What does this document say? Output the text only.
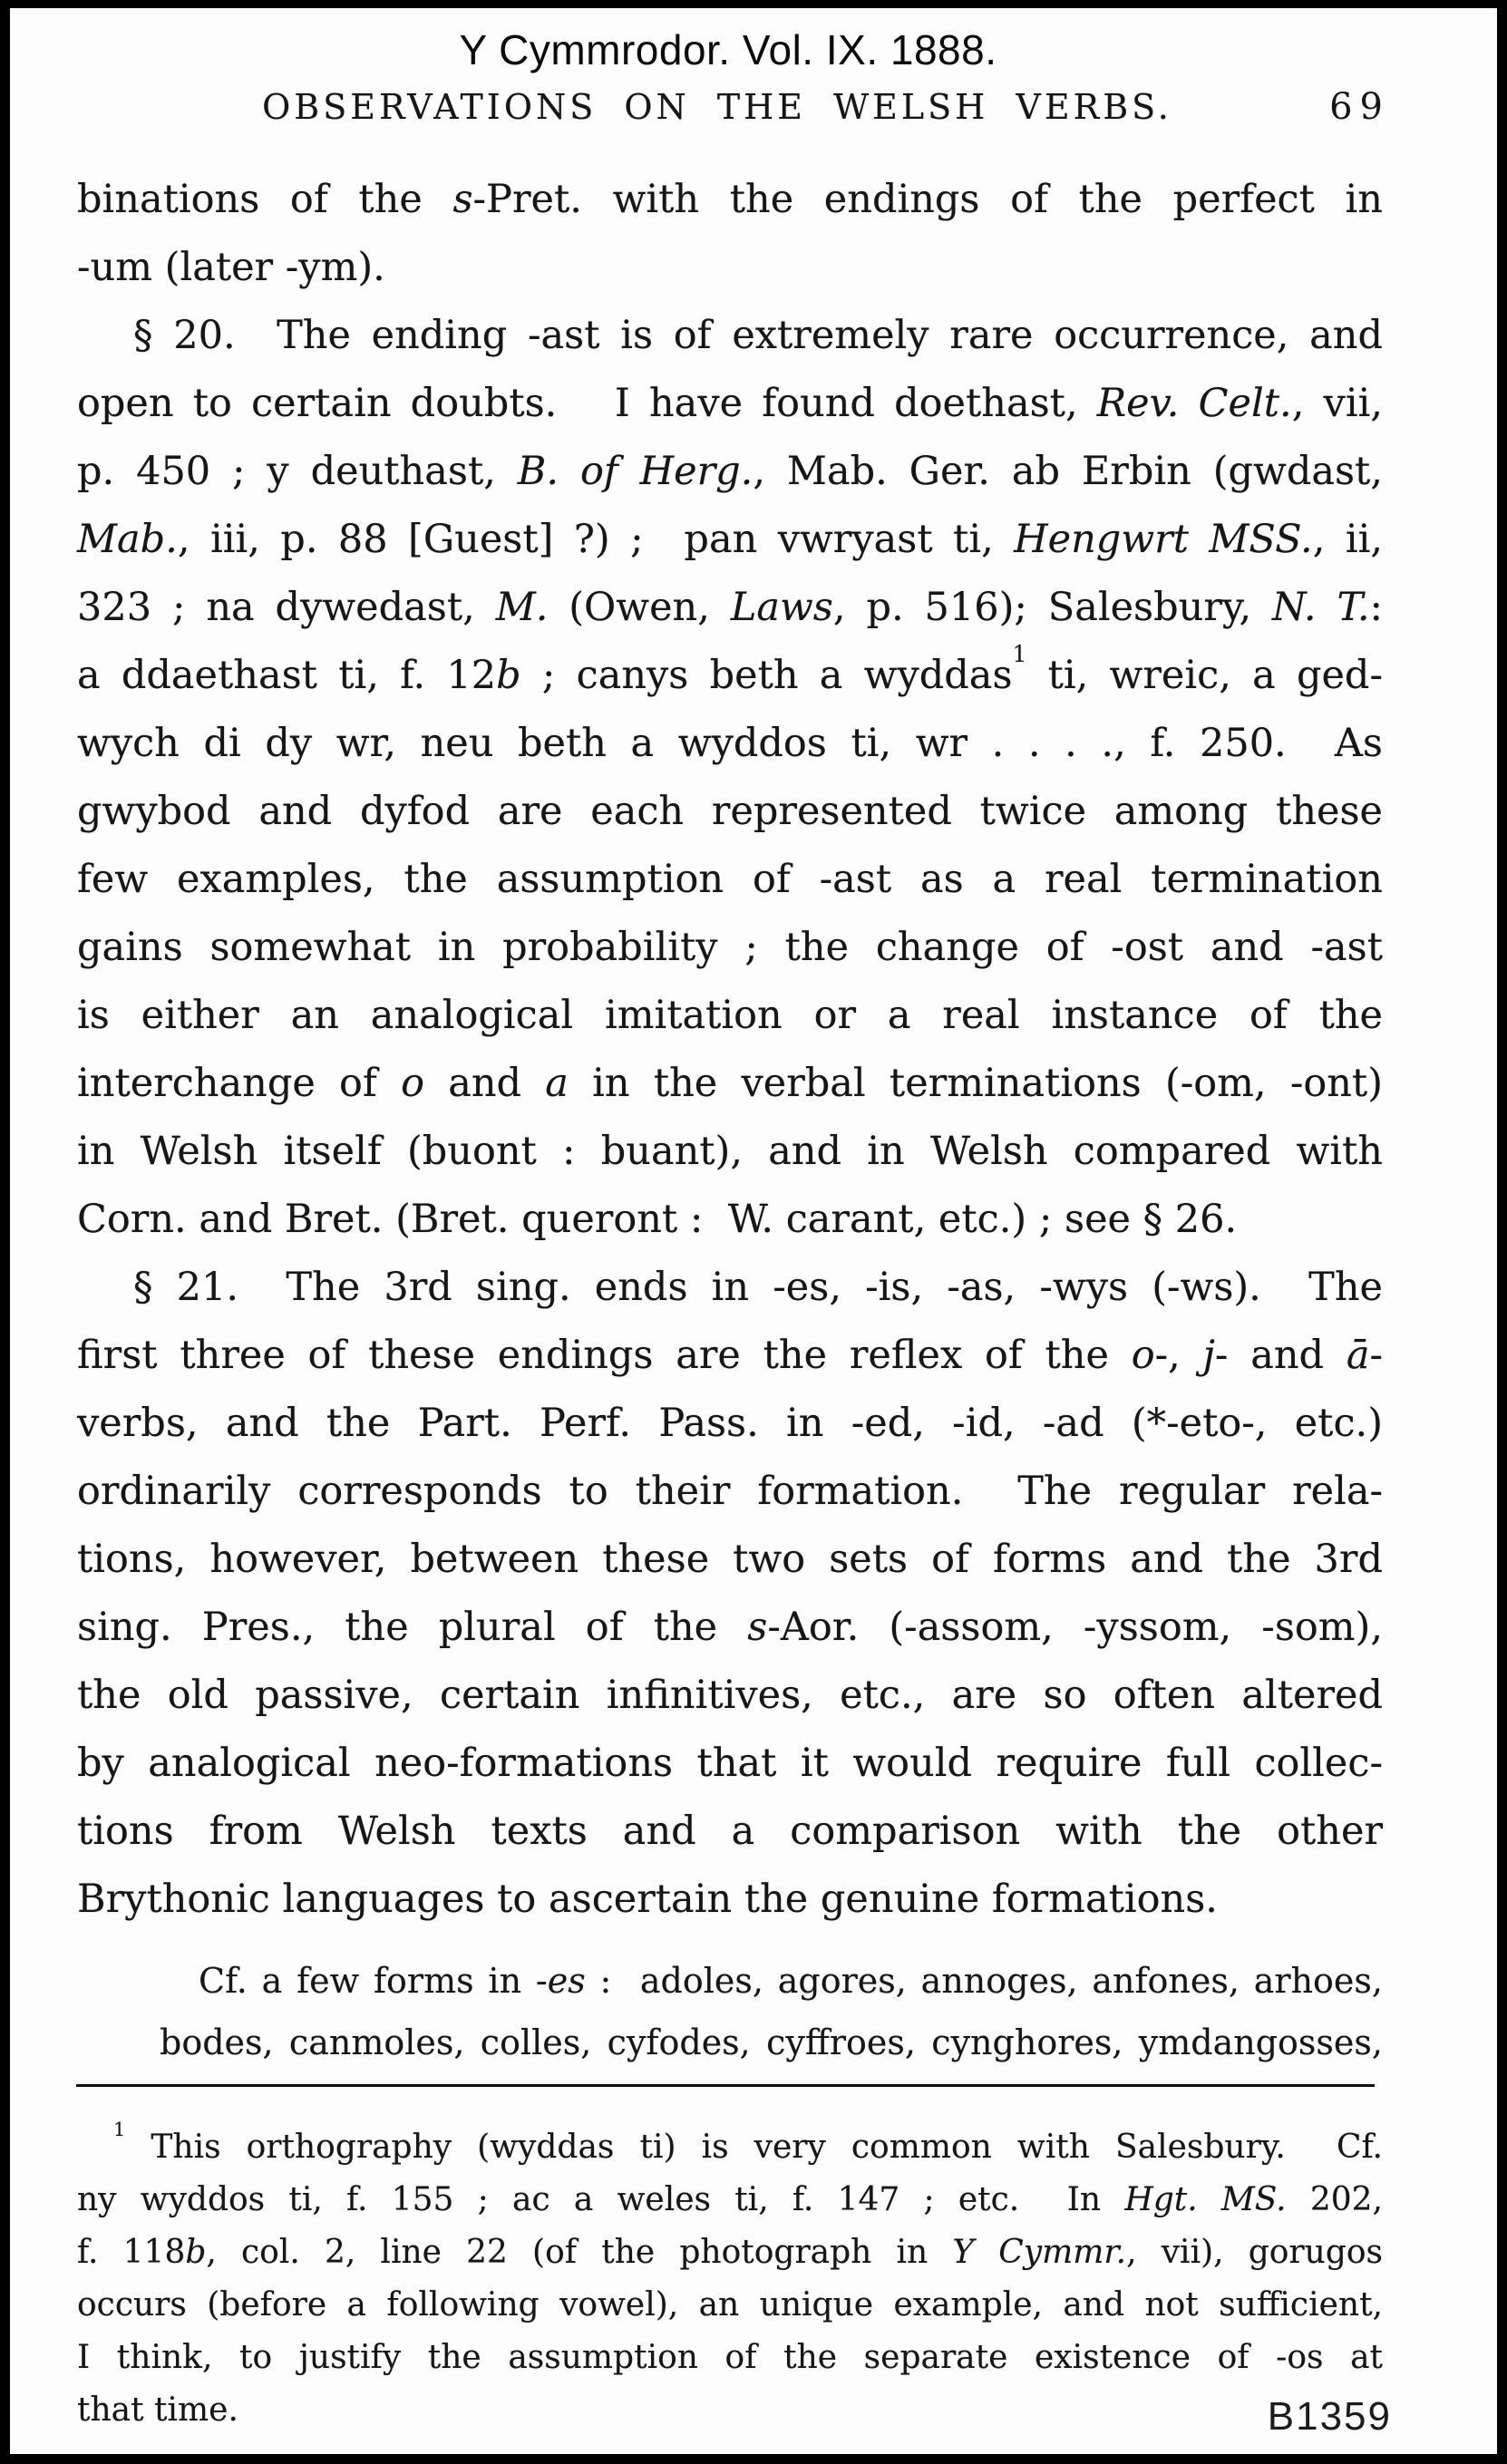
Y Cymmrodor. Vol. IX. 1888.
OBSERVATIONS ON THE WELSH VERBS.	69
binations of the s-Pret. with the endings of the perfect in
-um (later -ym).
§ 20.  The ending -ast is of extremely rare occurrence, and
open to certain doubts.   I have found doethast, Rev. Celt., vii,
p. 450 ; y deuthast, B. of Herg., Mab. Ger. ab Erbin (gwdast,
Mab., iii, p. 88 [Guest] ?) ;  pan vwryast ti, Hengwrt MSS., ii,
323 ; na dywedast, M. (Owen, Laws, p. 516); Salesbury, N. T.:
a ddaethast ti, f. 12b ; canys beth a wyddas$^1$ ti, wreic, a ged-
wych di dy wr, neu beth a wyddos ti, wr . . . ., f. 250.  As
gwybod and dyfod are each represented twice among these
few examples, the assumption of -ast as a real termination
gains somewhat in probability ; the change of -ost and -ast
is either an analogical imitation or a real instance of the
interchange of o and a in the verbal terminations (-om, -ont)
in Welsh itself (buont : buant), and in Welsh compared with
Corn. and Bret. (Bret. queront :  W. carant, etc.) ; see § 26.
§ 21.  The 3rd sing. ends in -es, -is, -as, -wys (-ws).  The
first three of these endings are the reflex of the o-, j- and ā-
verbs, and the Part. Perf. Pass. in -ed, -id, -ad (*-eto-, etc.)
ordinarily corresponds to their formation.  The regular rela-
tions, however, between these two sets of forms and the 3rd
sing. Pres., the plural of the s-Aor. (-assom, -yssom, -som),
the old passive, certain infinitives, etc., are so often altered
by analogical neo-formations that it would require full collec-
tions from Welsh texts and a comparison with the other
Brythonic languages to ascertain the genuine formations.
Cf. a few forms in -es :  adoles, agores, annoges, anfones, arhoes,
bodes, canmoles, colles, cyfodes, cyffroes, cynghores, ymdangosses,
$^1$ This orthography (wyddas ti) is very common with Salesbury.  Cf.
ny wyddos ti, f. 155 ; ac a weles ti, f. 147 ; etc.  In Hgt. MS. 202,
f. 118b, col. 2, line 22 (of the photograph in Y Cymmr., vii), gorugos
occurs (before a following vowel), an unique example, and not sufficient,
I think, to justify the assumption of the separate existence of -os at
that time.	B1359
